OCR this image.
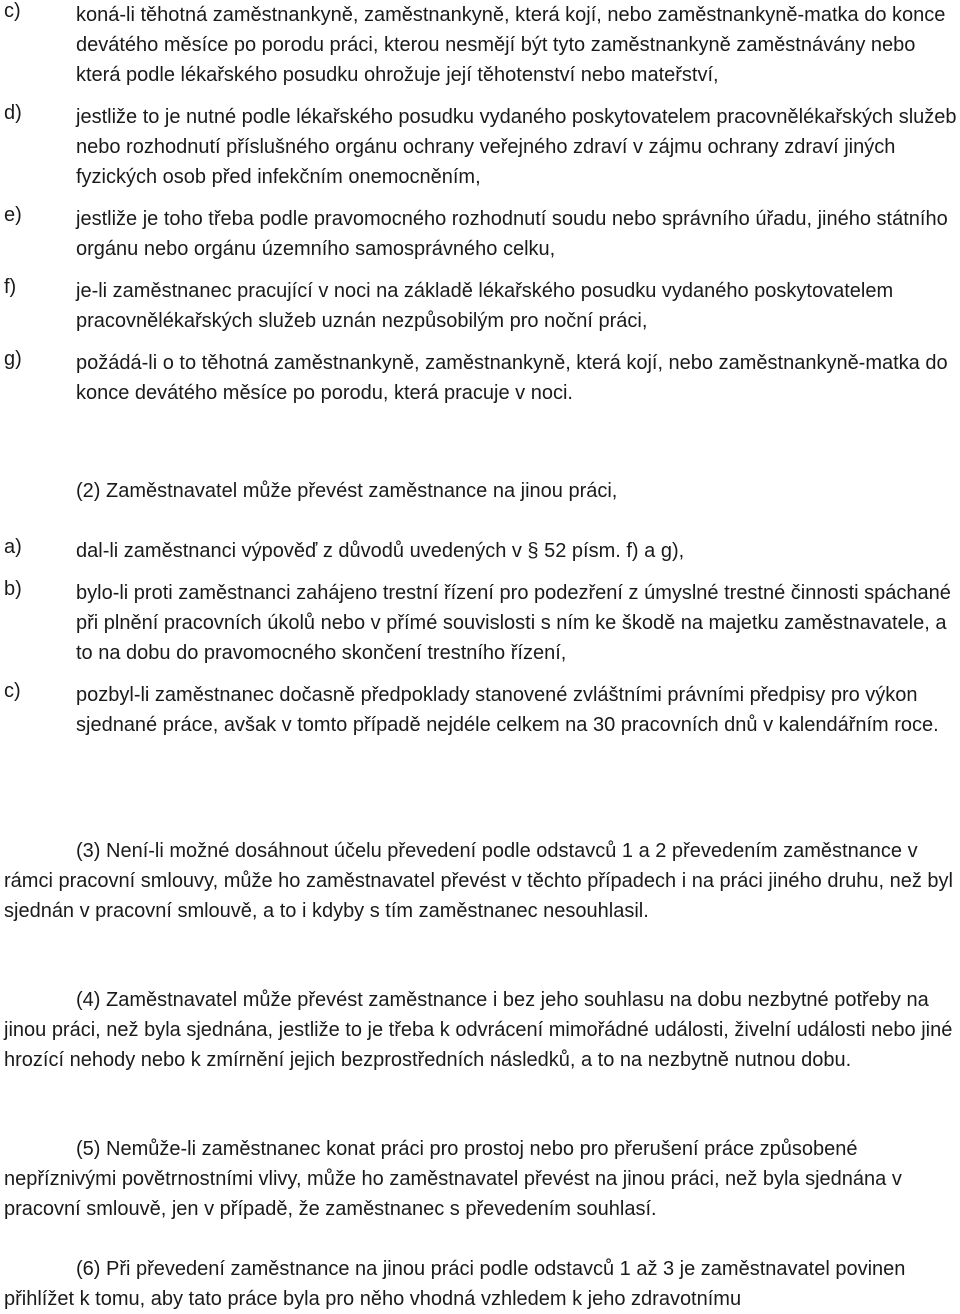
c)	koná-li těhotná zaměstnankyně, zaměstnankyně, která kojí, nebo zaměstnankyně-matka do konce devátého měsíce po porodu práci, kterou nesmějí být tyto zaměstnankyně zaměstnávány nebo která podle lékařského posudku ohrožuje její těhotenství nebo mateřství,
d)	jestliže to je nutné podle lékařského posudku vydaného poskytovatelem pracovnělékařských služeb nebo rozhodnutí příslušného orgánu ochrany veřejného zdraví v zájmu ochrany zdraví jiných fyzických osob před infekčním onemocněním,
e)	jestliže je toho třeba podle pravomocného rozhodnutí soudu nebo správního úřadu, jiného státního orgánu nebo orgánu územního samosprávného celku,
f)	je-li zaměstnanec pracující v noci na základě lékařského posudku vydaného poskytovatelem pracovnělékařských služeb uznán nezpůsobilým pro noční práci,
g)	požádá-li o to těhotná zaměstnankyně, zaměstnankyně, která kojí, nebo zaměstnankyně-matka do konce devátého měsíce po porodu, která pracuje v noci.
(2) Zaměstnavatel může převést zaměstnance na jinou práci,
a)	dal-li zaměstnanci výpověď z důvodů uvedených v § 52 písm. f) a g),
b)	bylo-li proti zaměstnanci zahájeno trestní řízení pro podezření z úmyslné trestné činnosti spáchané při plnění pracovních úkolů nebo v přímé souvislosti s ním ke škodě na majetku zaměstnavatele, a to na dobu do pravomocného skončení trestního řízení,
c)	pozbyl-li zaměstnanec dočasně předpoklady stanovené zvláštními právními předpisy pro výkon sjednané práce, avšak v tomto případě nejdéle celkem na 30 pracovních dnů v kalendářním roce.
(3) Není-li možné dosáhnout účelu převedení podle odstavců 1 a 2 převedením zaměstnance v rámci pracovní smlouvy, může ho zaměstnavatel převést v těchto případech i na práci jiného druhu, než byl sjednán v pracovní smlouvě, a to i kdyby s tím zaměstnanec nesouhlasil.
(4) Zaměstnavatel může převést zaměstnance i bez jeho souhlasu na dobu nezbytné potřeby na jinou práci, než byla sjednána, jestliže to je třeba k odvrácení mimořádné události, živelní události nebo jiné hrozící nehody nebo k zmírnění jejich bezprostředních následků, a to na nezbytně nutnou dobu.
(5) Nemůže-li zaměstnanec konat práci pro prostoj nebo pro přerušení práce způsobené nepříznivými povětrnostními vlivy, může ho zaměstnavatel převést na jinou práci, než byla sjednána v pracovní smlouvě, jen v případě, že zaměstnanec s převedením souhlasí.
(6) Při převedení zaměstnance na jinou práci podle odstavců 1 až 3 je zaměstnavatel povinen přihlížet k tomu, aby tato práce byla pro něho vhodná vzhledem k jeho zdravotnímu
